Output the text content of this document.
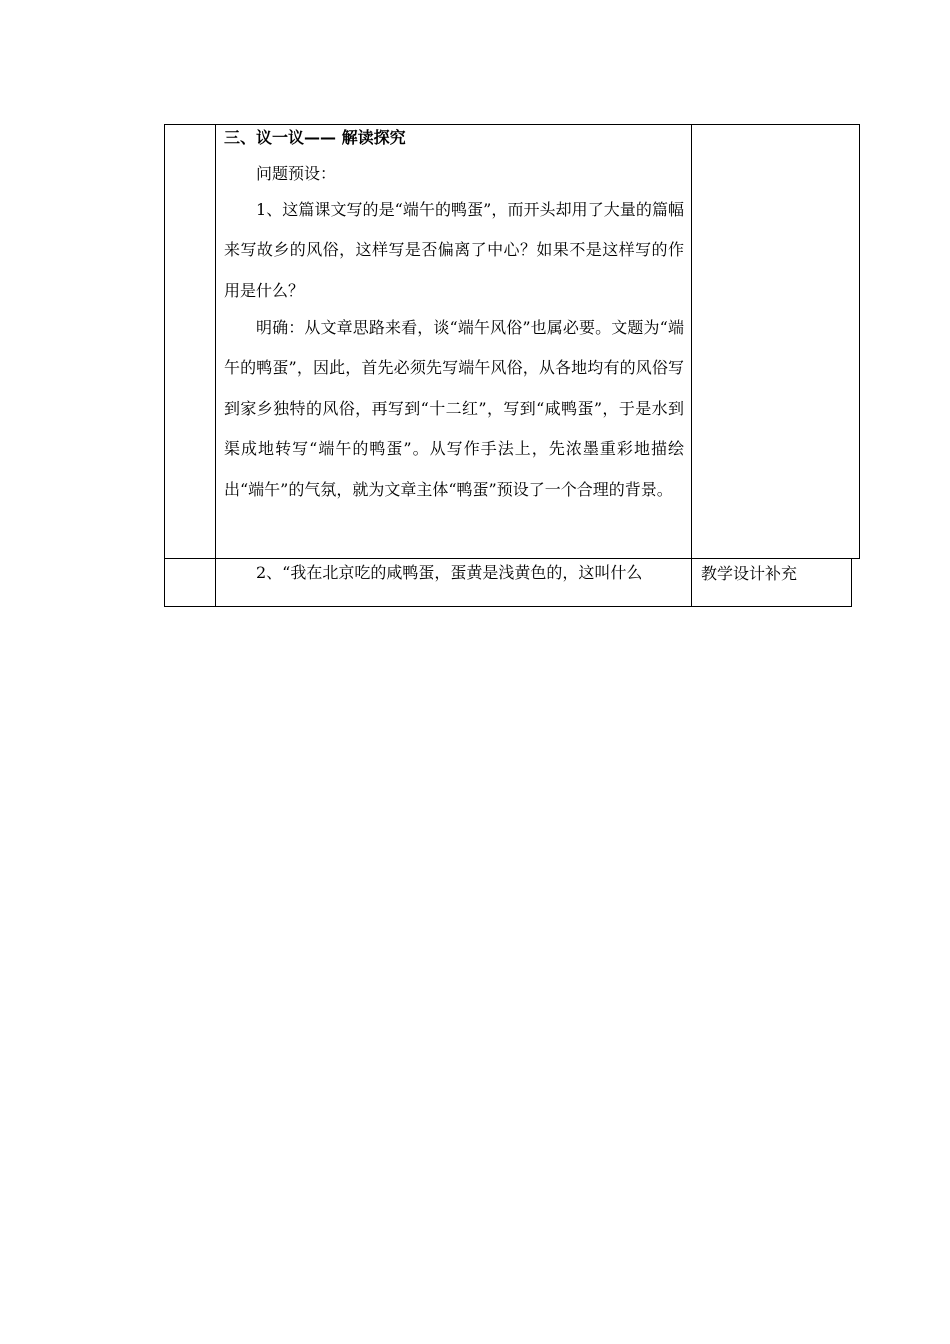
三、议一议—— 解读探究
问题预设：
1、这篇课文写的是“端午的鸭蛋”，而开头却用了大量的篇幅来写故乡的风俗，这样写是否偏离了中心？如果不是这样写的作用是什么？
明确：从文章思路来看，谈“端午风俗”也属必要。文题为“端午的鸭蛋”，因此，首先必须先写端午风俗，从各地均有的风俗写到家乡独特的风俗，再写到“十二红”，写到“咸鸭蛋”，于是水到渠成地转写“端午的鸭蛋”。从写作手法上，先浓墨重彩地描绘出“端午”的气氛，就为文章主体“鸭蛋”预设了一个合理的背景。
2、“我在北京吃的咸鸭蛋，蛋黄是浅黄色的，这叫什么	教学设计补充
